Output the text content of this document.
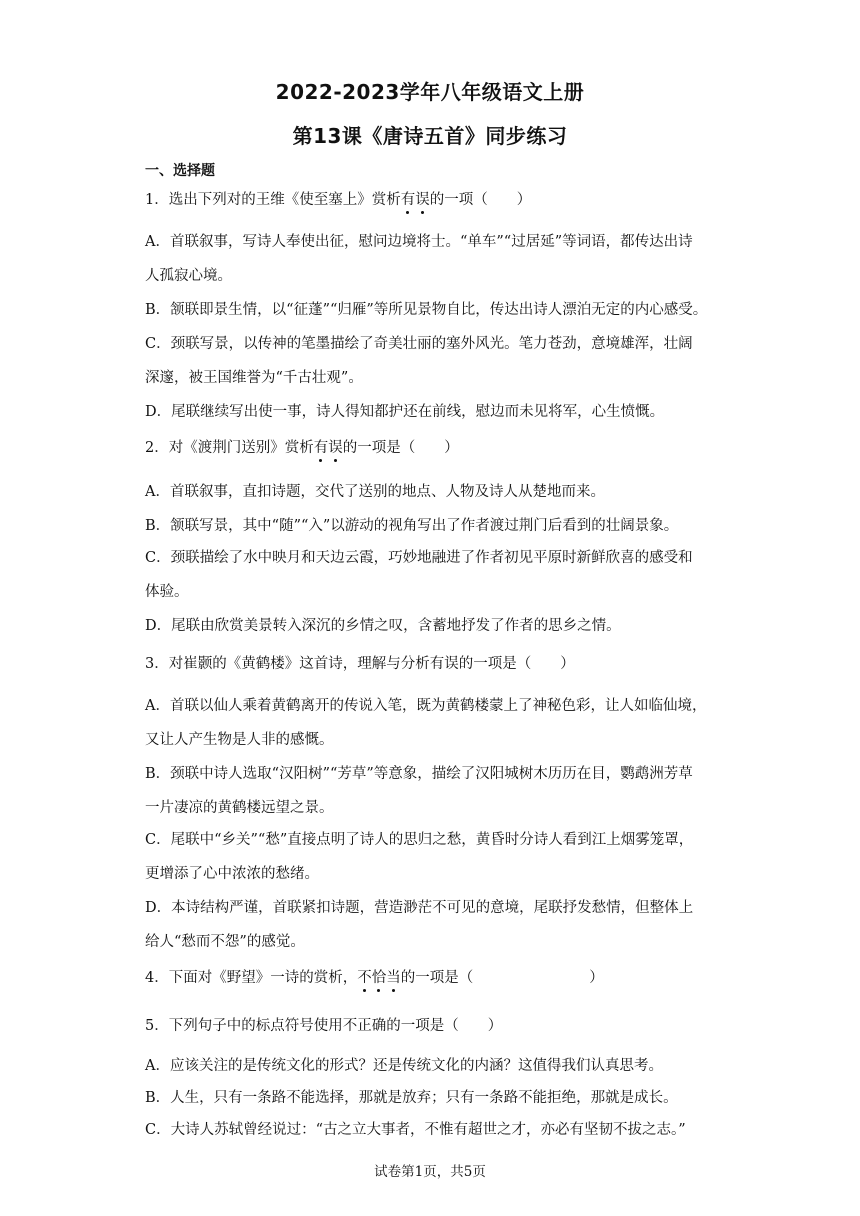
2022-2023学年八年级语文上册
第13课《唐诗五首》同步练习
一、选择题
1．选出下列对的王维《使至塞上》赏析有误的一项（　　）
A．首联叙事，写诗人奉使出征，慰问边境将士。“单车”“过居延”等词语，都传达出诗
人孤寂心境。
B．颔联即景生情，以“征蓬”“归雁”等所见景物自比，传达出诗人漂泊无定的内心感受。
C．颈联写景，以传神的笔墨描绘了奇美壮丽的塞外风光。笔力苍劲，意境雄浑，壮阔
深邃，被王国维誉为“千古壮观”。
D．尾联继续写出使一事，诗人得知都护还在前线，慰边而未见将军，心生愤慨。
2．对《渡荆门送别》赏析有误的一项是（　　）
A．首联叙事，直扣诗题，交代了送别的地点、人物及诗人从楚地而来。
B．颔联写景，其中“随”“入”以游动的视角写出了作者渡过荆门后看到的壮阔景象。
C．颈联描绘了水中映月和天边云霞，巧妙地融进了作者初见平原时新鲜欣喜的感受和
体验。
D．尾联由欣赏美景转入深沉的乡情之叹，含蓄地抒发了作者的思乡之情。
3．对崔颢的《黄鹤楼》这首诗，理解与分析有误的一项是（　　）
A．首联以仙人乘着黄鹤离开的传说入笔，既为黄鹤楼蒙上了神秘色彩，让人如临仙境，
又让人产生物是人非的感慨。
B．颈联中诗人选取“汉阳树”“芳草”等意象，描绘了汉阳城树木历历在目，鹦鹉洲芳草
一片凄凉的黄鹤楼远望之景。
C．尾联中“乡关”“愁”直接点明了诗人的思归之愁，黄昏时分诗人看到江上烟雾笼罩，
更增添了心中浓浓的愁绪。
D．本诗结构严谨，首联紧扣诗题，营造渺茫不可见的意境，尾联抒发愁情，但整体上
给人“愁而不怨”的感觉。
4．下面对《野望》一诗的赏析，不恰当的一项是（　　　　　　　　）
5．下列句子中的标点符号使用不正确的一项是（　　）
A．应该关注的是传统文化的形式？还是传统文化的内涵？这值得我们认真思考。
B．人生，只有一条路不能选择，那就是放弃；只有一条路不能拒绝，那就是成长。
C．大诗人苏轼曾经说过：“古之立大事者，不惟有超世之才，亦必有坚韧不拔之志。”
试卷第1页，共5页
